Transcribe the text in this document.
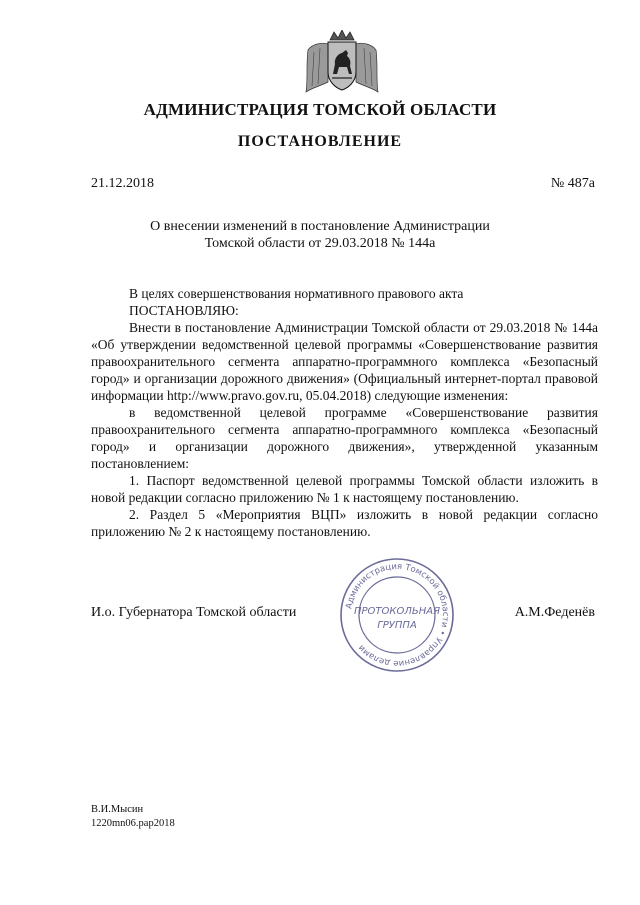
АДМИНИСТРАЦИЯ ТОМСКОЙ ОБЛАСТИ
ПОСТАНОВЛЕНИЕ
21.12.2018	№ 487а
О внесении изменений в постановление Администрации
Томской области от 29.03.2018 № 144а

В целях совершенствования нормативного правового акта

ПОСТАНОВЛЯЮ:

Внести в постановление Администрации Томской области от 29.03.2018 № 144а «Об утверждении ведомственной целевой программы «Совершенствование развития правоохранительного сегмента аппаратно-программного комплекса «Безопасный город» и организации дорожного движения» (Официальный интернет-портал правовой информации http://www.pravo.gov.ru, 05.04.2018) следующие изменения:

в ведомственной целевой программе «Совершенствование развития правоохранительного сегмента аппаратно-программного комплекса «Безопасный город» и организации дорожного движения», утвержденной указанным постановлением:

1. Паспорт ведомственной целевой программы Томской области изложить в новой редакции согласно приложению № 1 к настоящему постановлению.

2. Раздел 5 «Мероприятия ВЦП» изложить в новой редакции согласно приложению № 2 к настоящему постановлению.

Администрация Томской области • Управление делами
ПРОТОКОЛЬНАЯ
ГРУППА
И.о. Губернатора Томской области	А.М.Феденёв
В.И.Мысин
1220mn06.pap2018
